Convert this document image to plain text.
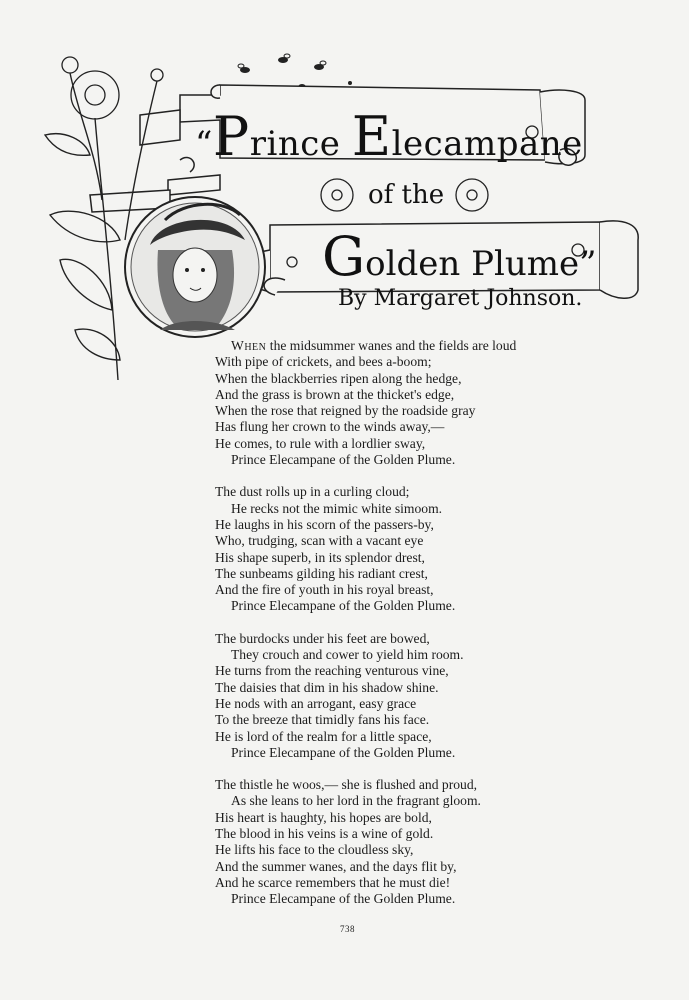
“Prince Elecampane
of the
Golden Plume”
By Margaret Johnson.
When the midsummer wanes and the fields are loud
With pipe of crickets, and bees a-boom;
When the blackberries ripen along the hedge,
And the grass is brown at the thicket's edge,
When the rose that reigned by the roadside gray
Has flung her crown to the winds away,—
He comes, to rule with a lordlier sway,
Prince Elecampane of the Golden Plume.
The dust rolls up in a curling cloud;
He recks not the mimic white simoom.
He laughs in his scorn of the passers-by,
Who, trudging, scan with a vacant eye
His shape superb, in its splendor drest,
The sunbeams gilding his radiant crest,
And the fire of youth in his royal breast,
Prince Elecampane of the Golden Plume.
The burdocks under his feet are bowed,
They crouch and cower to yield him room.
He turns from the reaching venturous vine,
The daisies that dim in his shadow shine.
He nods with an arrogant, easy grace
To the breeze that timidly fans his face.
He is lord of the realm for a little space,
Prince Elecampane of the Golden Plume.
The thistle he woos,— she is flushed and proud,
As she leans to her lord in the fragrant gloom.
His heart is haughty, his hopes are bold,
The blood in his veins is a wine of gold.
He lifts his face to the cloudless sky,
And the summer wanes, and the days flit by,
And he scarce remembers that he must die!
Prince Elecampane of the Golden Plume.
738
